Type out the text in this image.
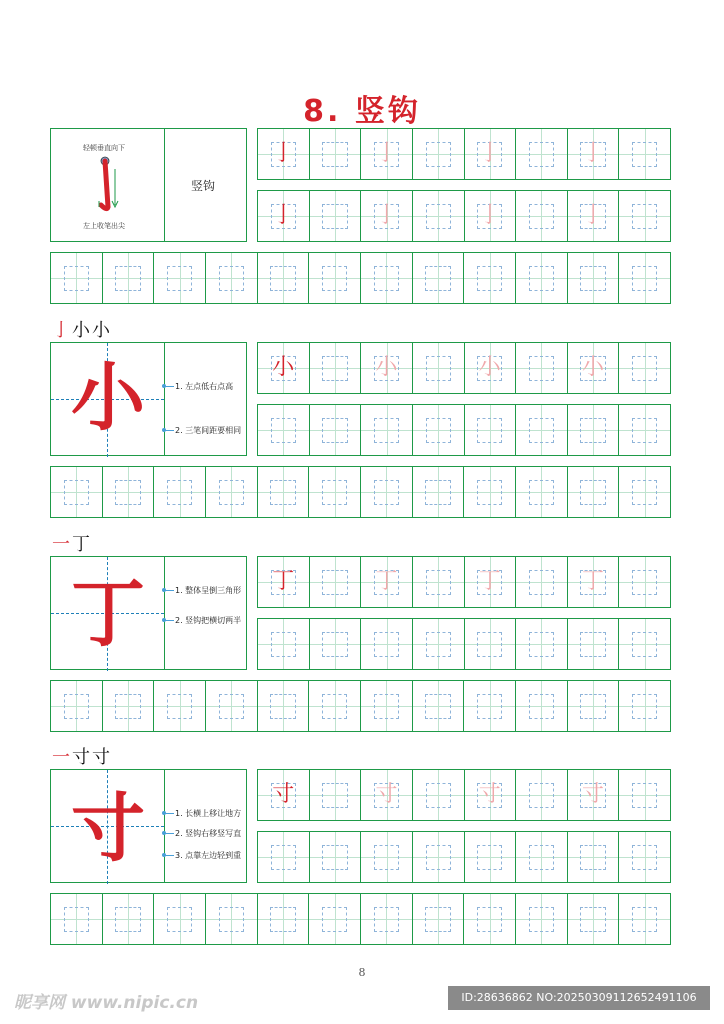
8. 竖钩
轻顿垂直向下
左上收笔出尖
竖钩
亅	亅	亅	亅
亅	亅	亅	亅
亅小小
小	1. 左点低右点高
2. 三笔间距要相同
小	小	小	小
一丁
丁	1. 整体呈倒三角形
2. 竖钩把横切两半
丁	丁	丁	丁
一寸寸
寸	1. 长横上移让地方
2. 竖钩右移竖写直
3. 点靠左边轻到重
寸	寸	寸	寸
8
昵享网 www.nipic.cn	ID:28636862 NO:20250309112652491106
